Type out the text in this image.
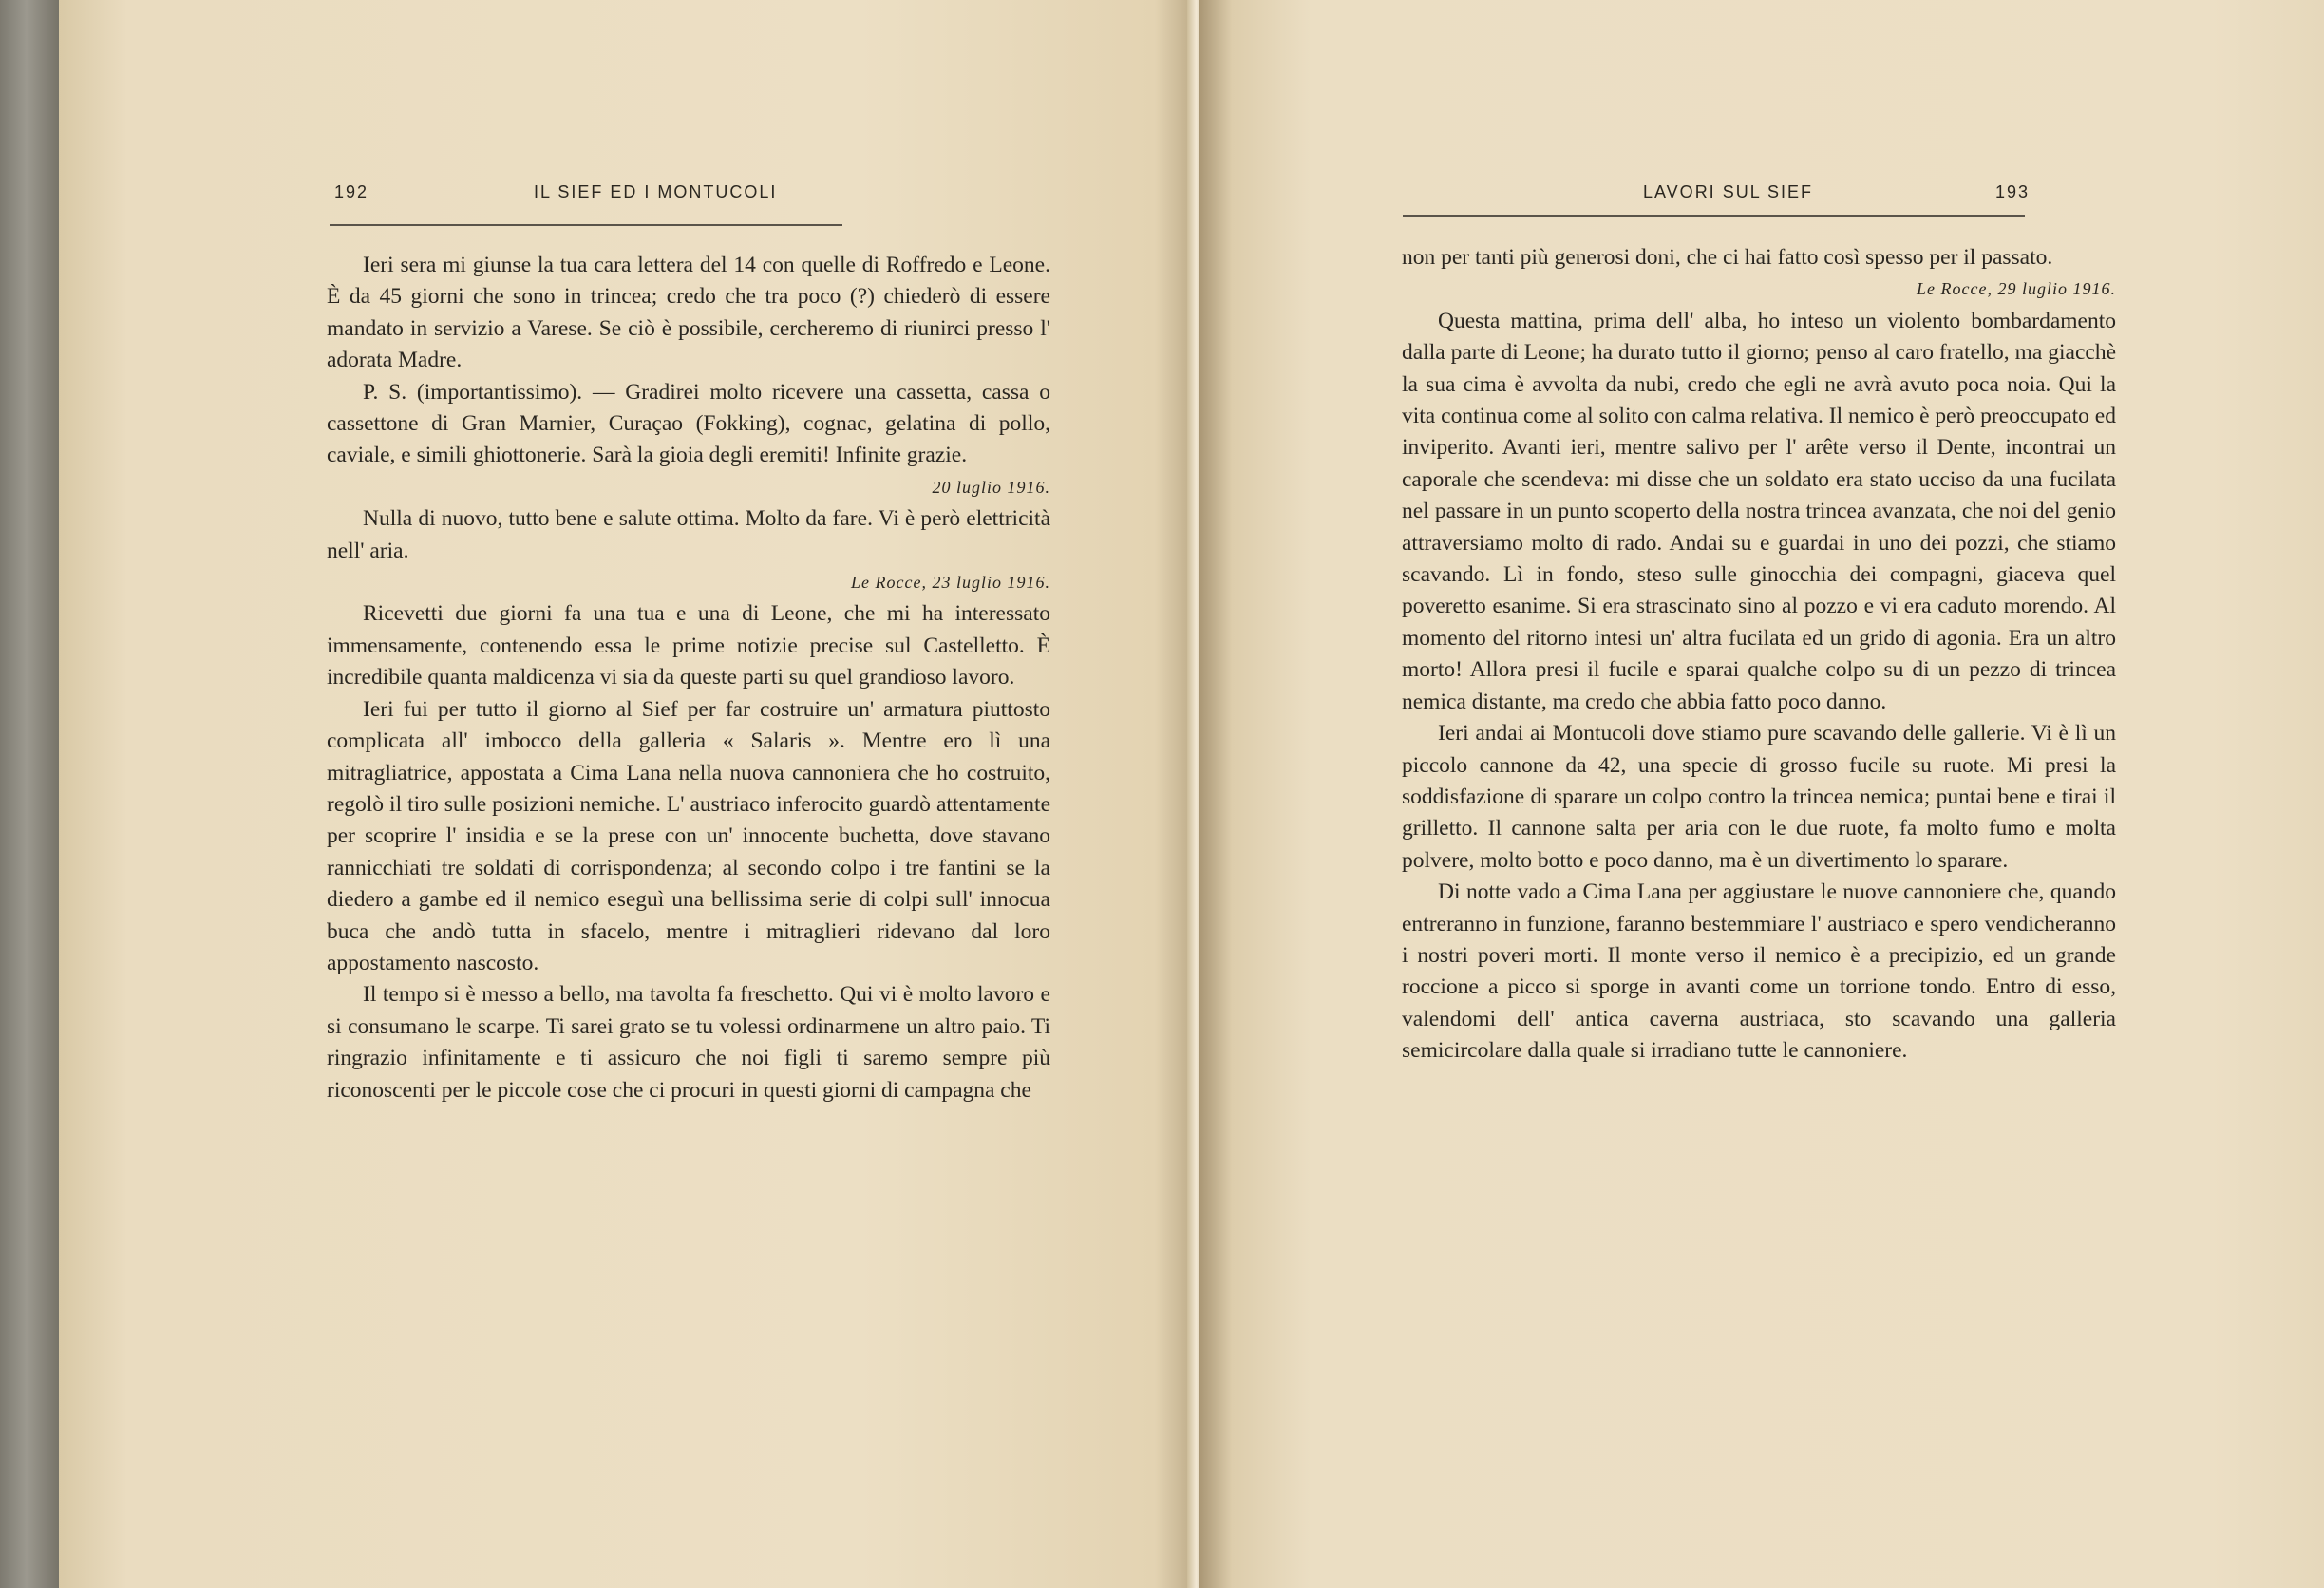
192	IL SIEF ED I MONTUCOLI

Ieri sera mi giunse la tua cara lettera del 14 con quelle di Roffredo e Leone. È da 45 giorni che sono in trincea; credo che tra poco (?) chiederò di essere mandato in servizio a Varese. Se ciò è possibile, cercheremo di riunirci presso l' adorata Madre.

P. S. (importantissimo). — Gradirei molto ricevere una cassetta, cassa o cassettone di Gran Marnier, Curaçao (Fokking), cognac, gelatina di pollo, caviale, e simili ghiottonerie. Sarà la gioia degli eremiti! Infinite grazie.

20 luglio 1916.

Nulla di nuovo, tutto bene e salute ottima. Molto da fare. Vi è però elettricità nell' aria.

Le Rocce, 23 luglio 1916.

Ricevetti due giorni fa una tua e una di Leone, che mi ha interessato immensamente, contenendo essa le prime notizie precise sul Castelletto. È incredibile quanta maldicenza vi sia da queste parti su quel grandioso lavoro.

Ieri fui per tutto il giorno al Sief per far costruire un' armatura piuttosto complicata all' imbocco della galleria « Salaris ». Mentre ero lì una mitragliatrice, appostata a Cima Lana nella nuova cannoniera che ho costruito, regolò il tiro sulle posizioni nemiche. L' austriaco inferocito guardò attentamente per scoprire l' insidia e se la prese con un' innocente buchetta, dove stavano rannicchiati tre soldati di corrispondenza; al secondo colpo i tre fantini se la diedero a gambe ed il nemico eseguì una bellissima serie di colpi sull' innocua buca che andò tutta in sfacelo, mentre i mitraglieri ridevano dal loro appostamento nascosto.

Il tempo si è messo a bello, ma tavolta fa freschetto. Qui vi è molto lavoro e si consumano le scarpe. Ti sarei grato se tu volessi ordinarmene un altro paio. Ti ringrazio infinitamente e ti assicuro che noi figli ti saremo sempre più riconoscenti per le piccole cose che ci procuri in questi giorni di campagna che

LAVORI SUL SIEF	193

non per tanti più generosi doni, che ci hai fatto così spesso per il passato.

Le Rocce, 29 luglio 1916.

Questa mattina, prima dell' alba, ho inteso un violento bombardamento dalla parte di Leone; ha durato tutto il giorno; penso al caro fratello, ma giacchè la sua cima è avvolta da nubi, credo che egli ne avrà avuto poca noia. Qui la vita continua come al solito con calma relativa. Il nemico è però preoccupato ed inviperito. Avanti ieri, mentre salivo per l' arête verso il Dente, incontrai un caporale che scendeva: mi disse che un soldato era stato ucciso da una fucilata nel passare in un punto scoperto della nostra trincea avanzata, che noi del genio attraversiamo molto di rado. Andai su e guardai in uno dei pozzi, che stiamo scavando. Lì in fondo, steso sulle ginocchia dei compagni, giaceva quel poveretto esanime. Si era strascinato sino al pozzo e vi era caduto morendo. Al momento del ritorno intesi un' altra fucilata ed un grido di agonia. Era un altro morto! Allora presi il fucile e sparai qualche colpo su di un pezzo di trincea nemica distante, ma credo che abbia fatto poco danno.

Ieri andai ai Montucoli dove stiamo pure scavando delle gallerie. Vi è lì un piccolo cannone da 42, una specie di grosso fucile su ruote. Mi presi la soddisfazione di sparare un colpo contro la trincea nemica; puntai bene e tirai il grilletto. Il cannone salta per aria con le due ruote, fa molto fumo e molta polvere, molto botto e poco danno, ma è un divertimento lo sparare.

Di notte vado a Cima Lana per aggiustare le nuove cannoniere che, quando entreranno in funzione, faranno bestemmiare l' austriaco e spero vendicheranno i nostri poveri morti. Il monte verso il nemico è a precipizio, ed un grande roccione a picco si sporge in avanti come un torrione tondo. Entro di esso, valendomi dell' antica caverna austriaca, sto scavando una galleria semicircolare dalla quale si irradiano tutte le cannoniere.
